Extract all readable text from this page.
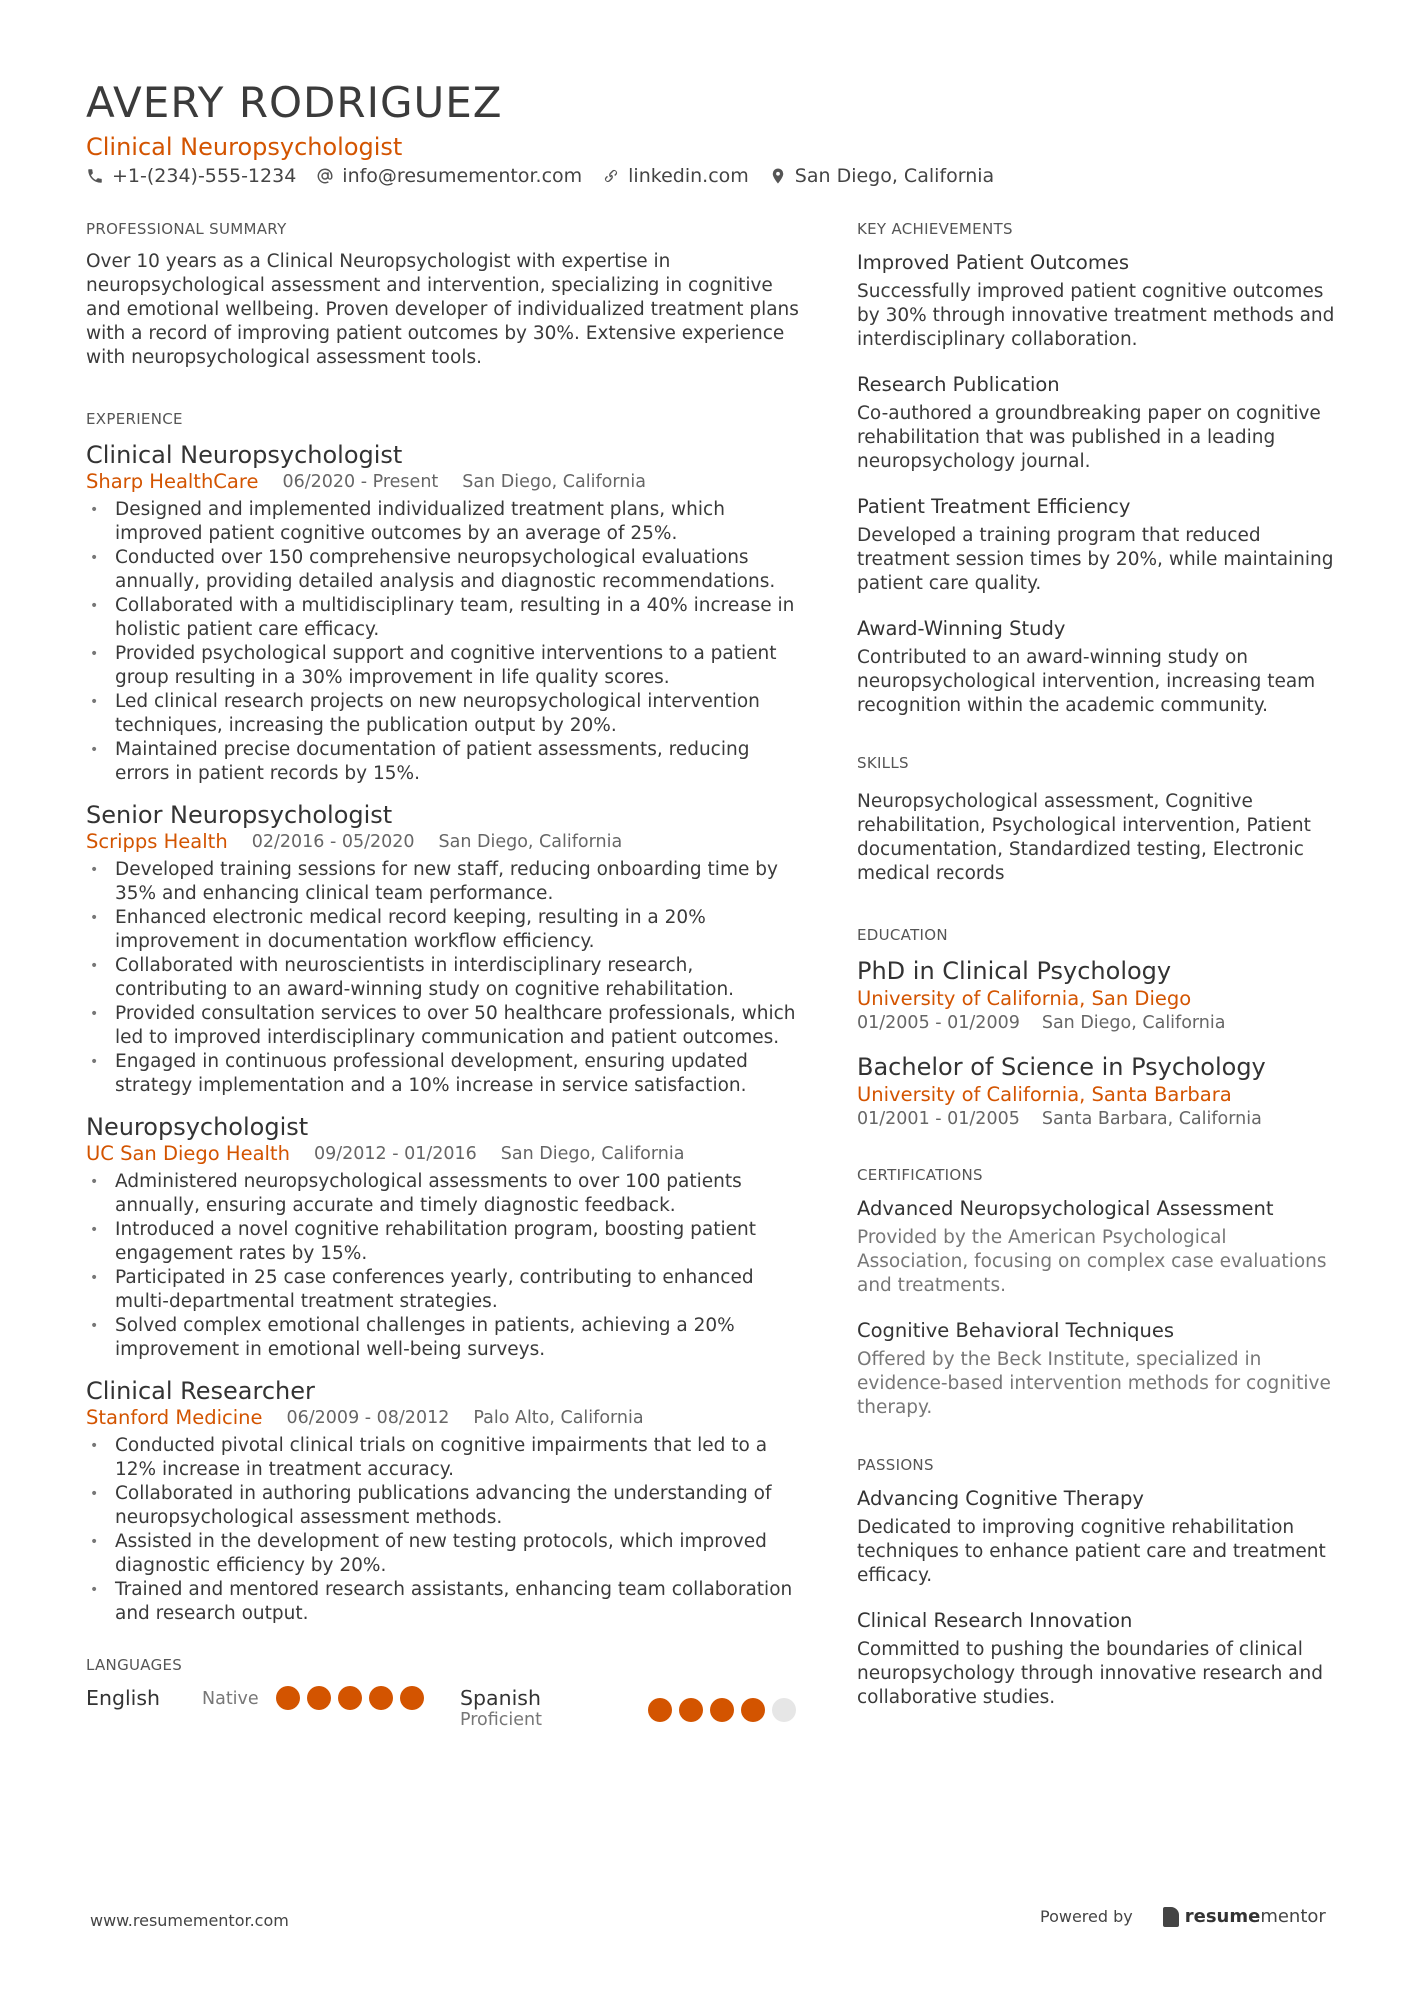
AVERY RODRIGUEZ
Clinical Neuropsychologist
+1-(234)-555-1234 info@resumementor.com linkedin.com San Diego, California
PROFESSIONAL SUMMARY

Over 10 years as a Clinical Neuropsychologist with expertise in neuropsychological assessment and intervention, specializing in cognitive and emotional wellbeing. Proven developer of individualized treatment plans with a record of improving patient outcomes by 30%. Extensive experience with neuropsychological assessment tools.

EXPERIENCE
Clinical Neuropsychologist
Sharp HealthCare 06/2020 - Present San Diego, California
• Designed and implemented individualized treatment plans, which improved patient cognitive outcomes by an average of 25%.
• Conducted over 150 comprehensive neuropsychological evaluations annually, providing detailed analysis and diagnostic recommendations.
• Collaborated with a multidisciplinary team, resulting in a 40% increase in holistic patient care efficacy.
• Provided psychological support and cognitive interventions to a patient group resulting in a 30% improvement in life quality scores.
• Led clinical research projects on new neuropsychological intervention techniques, increasing the publication output by 20%.
• Maintained precise documentation of patient assessments, reducing errors in patient records by 15%.
Senior Neuropsychologist
Scripps Health 02/2016 - 05/2020 San Diego, California
• Developed training sessions for new staff, reducing onboarding time by 35% and enhancing clinical team performance.
• Enhanced electronic medical record keeping, resulting in a 20% improvement in documentation workflow efficiency.
• Collaborated with neuroscientists in interdisciplinary research, contributing to an award-winning study on cognitive rehabilitation.
• Provided consultation services to over 50 healthcare professionals, which led to improved interdisciplinary communication and patient outcomes.
• Engaged in continuous professional development, ensuring updated strategy implementation and a 10% increase in service satisfaction.
Neuropsychologist
UC San Diego Health 09/2012 - 01/2016 San Diego, California
• Administered neuropsychological assessments to over 100 patients annually, ensuring accurate and timely diagnostic feedback.
• Introduced a novel cognitive rehabilitation program, boosting patient engagement rates by 15%.
• Participated in 25 case conferences yearly, contributing to enhanced multi-departmental treatment strategies.
• Solved complex emotional challenges in patients, achieving a 20% improvement in emotional well-being surveys.
Clinical Researcher
Stanford Medicine 06/2009 - 08/2012 Palo Alto, California
• Conducted pivotal clinical trials on cognitive impairments that led to a 12% increase in treatment accuracy.
• Collaborated in authoring publications advancing the understanding of neuropsychological assessment methods.
• Assisted in the development of new testing protocols, which improved diagnostic efficiency by 20%.
• Trained and mentored research assistants, enhancing team collaboration and research output.
LANGUAGES
English	Native	Spanish
Proficient
KEY ACHIEVEMENTS
Improved Patient Outcomes
Successfully improved patient cognitive outcomes by 30% through innovative treatment methods and interdisciplinary collaboration.
Research Publication
Co-authored a groundbreaking paper on cognitive rehabilitation that was published in a leading neuropsychology journal.
Patient Treatment Efficiency
Developed a training program that reduced treatment session times by 20%, while maintaining patient care quality.
Award-Winning Study
Contributed to an award-winning study on neuropsychological intervention, increasing team recognition within the academic community.
SKILLS

Neuropsychological assessment, Cognitive rehabilitation, Psychological intervention, Patient documentation, Standardized testing, Electronic medical records

EDUCATION
PhD in Clinical Psychology
University of California, San Diego
01/2005 - 01/2009 San Diego, California
Bachelor of Science in Psychology
University of California, Santa Barbara
01/2001 - 01/2005 Santa Barbara, California
CERTIFICATIONS
Advanced Neuropsychological Assessment
Provided by the American Psychological Association, focusing on complex case evaluations and treatments.
Cognitive Behavioral Techniques
Offered by the Beck Institute, specialized in evidence-based intervention methods for cognitive therapy.
PASSIONS
Advancing Cognitive Therapy
Dedicated to improving cognitive rehabilitation techniques to enhance patient care and treatment efficacy.
Clinical Research Innovation
Committed to pushing the boundaries of clinical neuropsychology through innovative research and collaborative studies.
www.resumementor.com	Powered by	resume mentor
